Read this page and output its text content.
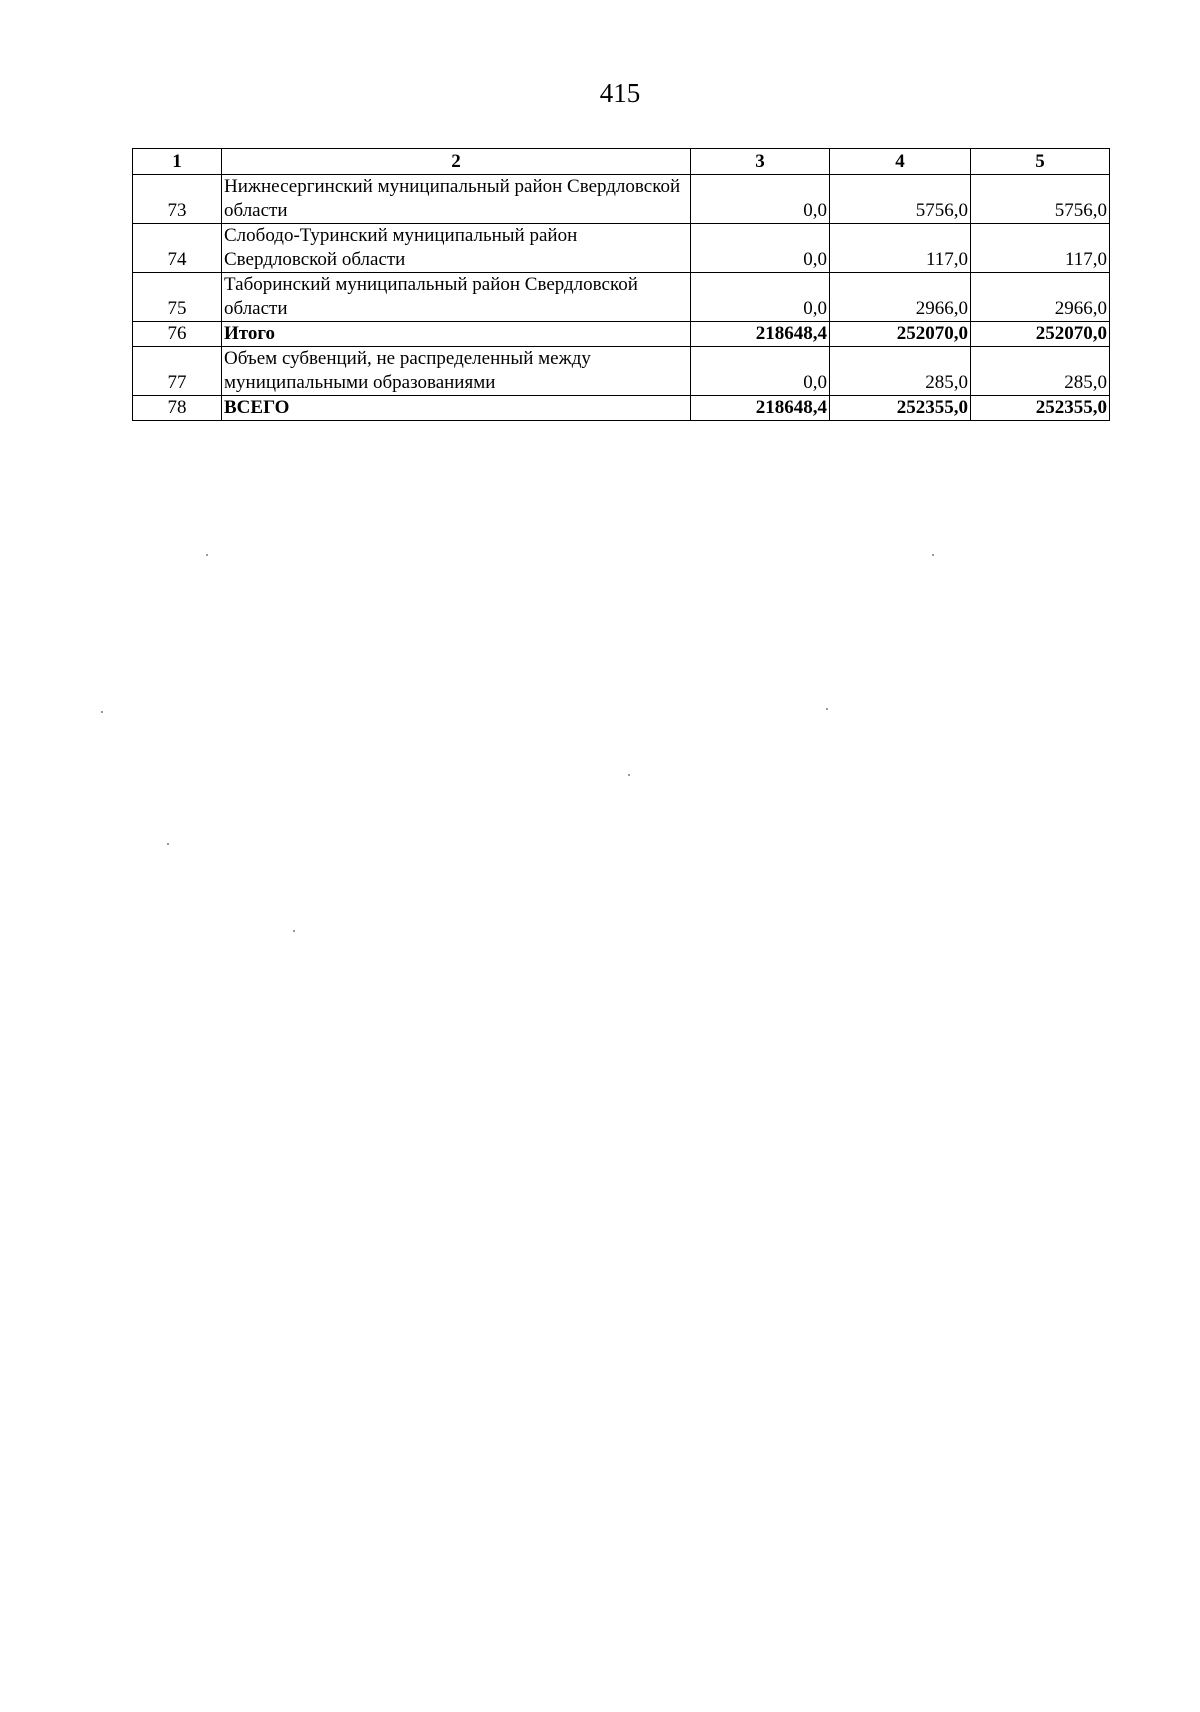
415
1	2	3	4	5
73	Нижнесергинский муниципальный район Свердловской области	0,0	5756,0	5756,0
74	Слободо-Туринский муниципальный район Свердловской области	0,0	117,0	117,0
75	Таборинский муниципальный район Свердловской области	0,0	2966,0	2966,0
76	Итого	218648,4	252070,0	252070,0
77	Объем субвенций, не распределенный между муниципальными образованиями	0,0	285,0	285,0
78	ВСЕГО	218648,4	252355,0	252355,0
